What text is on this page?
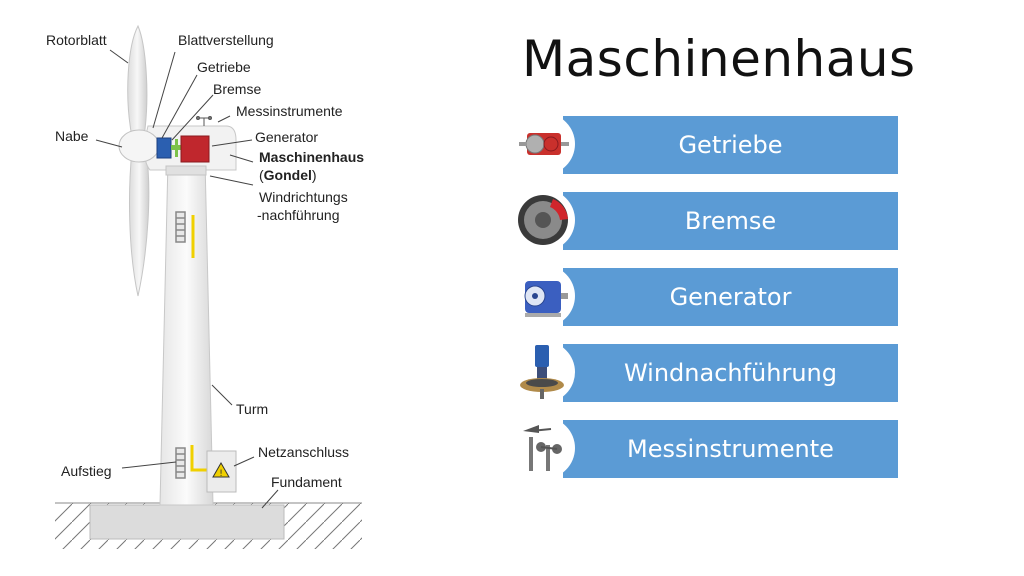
!
Rotorblatt	Blattverstellung
Getriebe
Bremse
Messinstrumente
Nabe	Generator
Maschinenhaus
(Gondel)
Windrichtungs
-nachführung
Turm
Netzanschluss
Aufstieg
Fundament
Maschinenhaus
Getriebe
Bremse
Generator
Windnachführung
Messinstrumente
